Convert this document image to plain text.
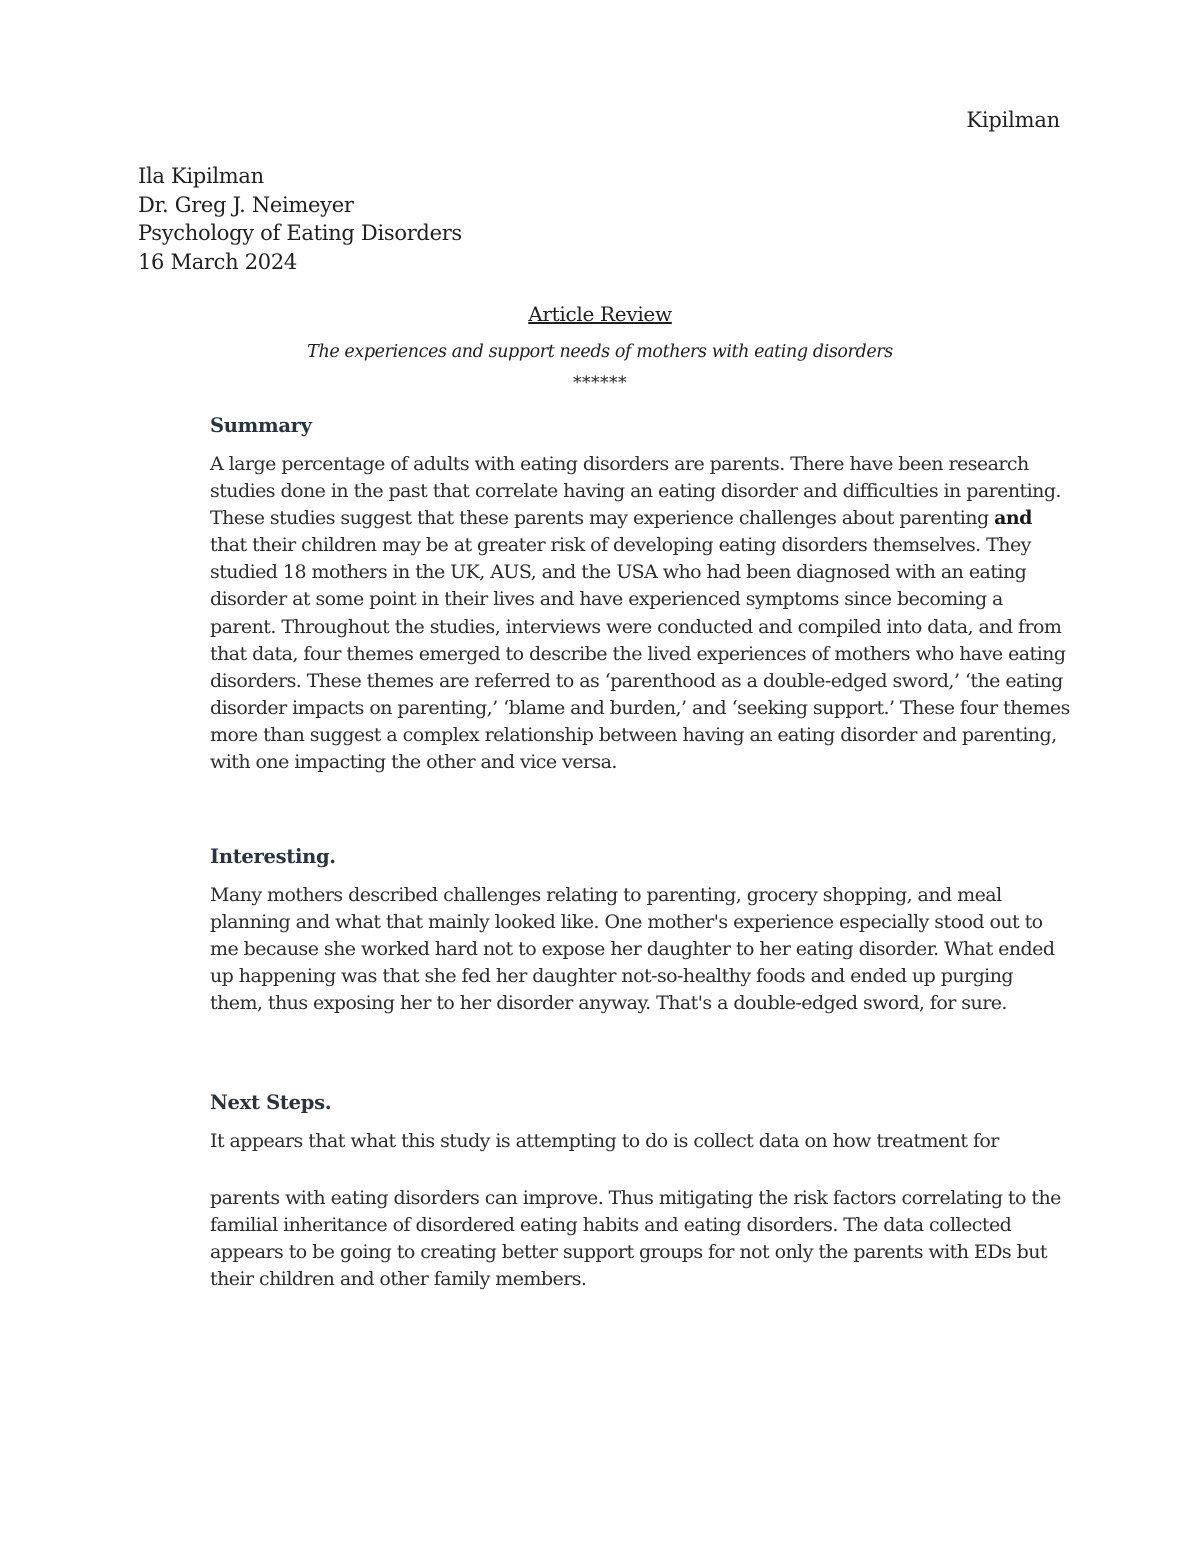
Kipilman
Ila Kipilman
Dr. Greg J. Neimeyer
Psychology of Eating Disorders
16 March 2024
Article Review
The experiences and support needs of mothers with eating disorders
******
Summary

A large percentage of adults with eating disorders are parents. There have been research studies done in the past that correlate having an eating disorder and difficulties in parenting. These studies suggest that these parents may experience challenges about parenting and that their children may be at greater risk of developing eating disorders themselves. They studied 18 mothers in the UK, AUS, and the USA who had been diagnosed with an eating disorder at some point in their lives and have experienced symptoms since becoming a parent. Throughout the studies, interviews were conducted and compiled into data, and from that data, four themes emerged to describe the lived experiences of mothers who have eating disorders. These themes are referred to as ‘parenthood as a double-edged sword,’ ‘the eating disorder impacts on parenting,’ ‘blame and burden,’ and ‘seeking support.’ These four themes more than suggest a complex relationship between having an eating disorder and parenting, with one impacting the other and vice versa.

Interesting.

Many mothers described challenges relating to parenting, grocery shopping, and meal planning and what that mainly looked like. One mother's experience especially stood out to me because she worked hard not to expose her daughter to her eating disorder. What ended up happening was that she fed her daughter not-so-healthy foods and ended up purging them, thus exposing her to her disorder anyway. That's a double-edged sword, for sure.

Next Steps.

It appears that what this study is attempting to do is collect data on how treatment for

parents with eating disorders can improve. Thus mitigating the risk factors correlating to the familial inheritance of disordered eating habits and eating disorders. The data collected appears to be going to creating better support groups for not only the parents with EDs but their children and other family members.
